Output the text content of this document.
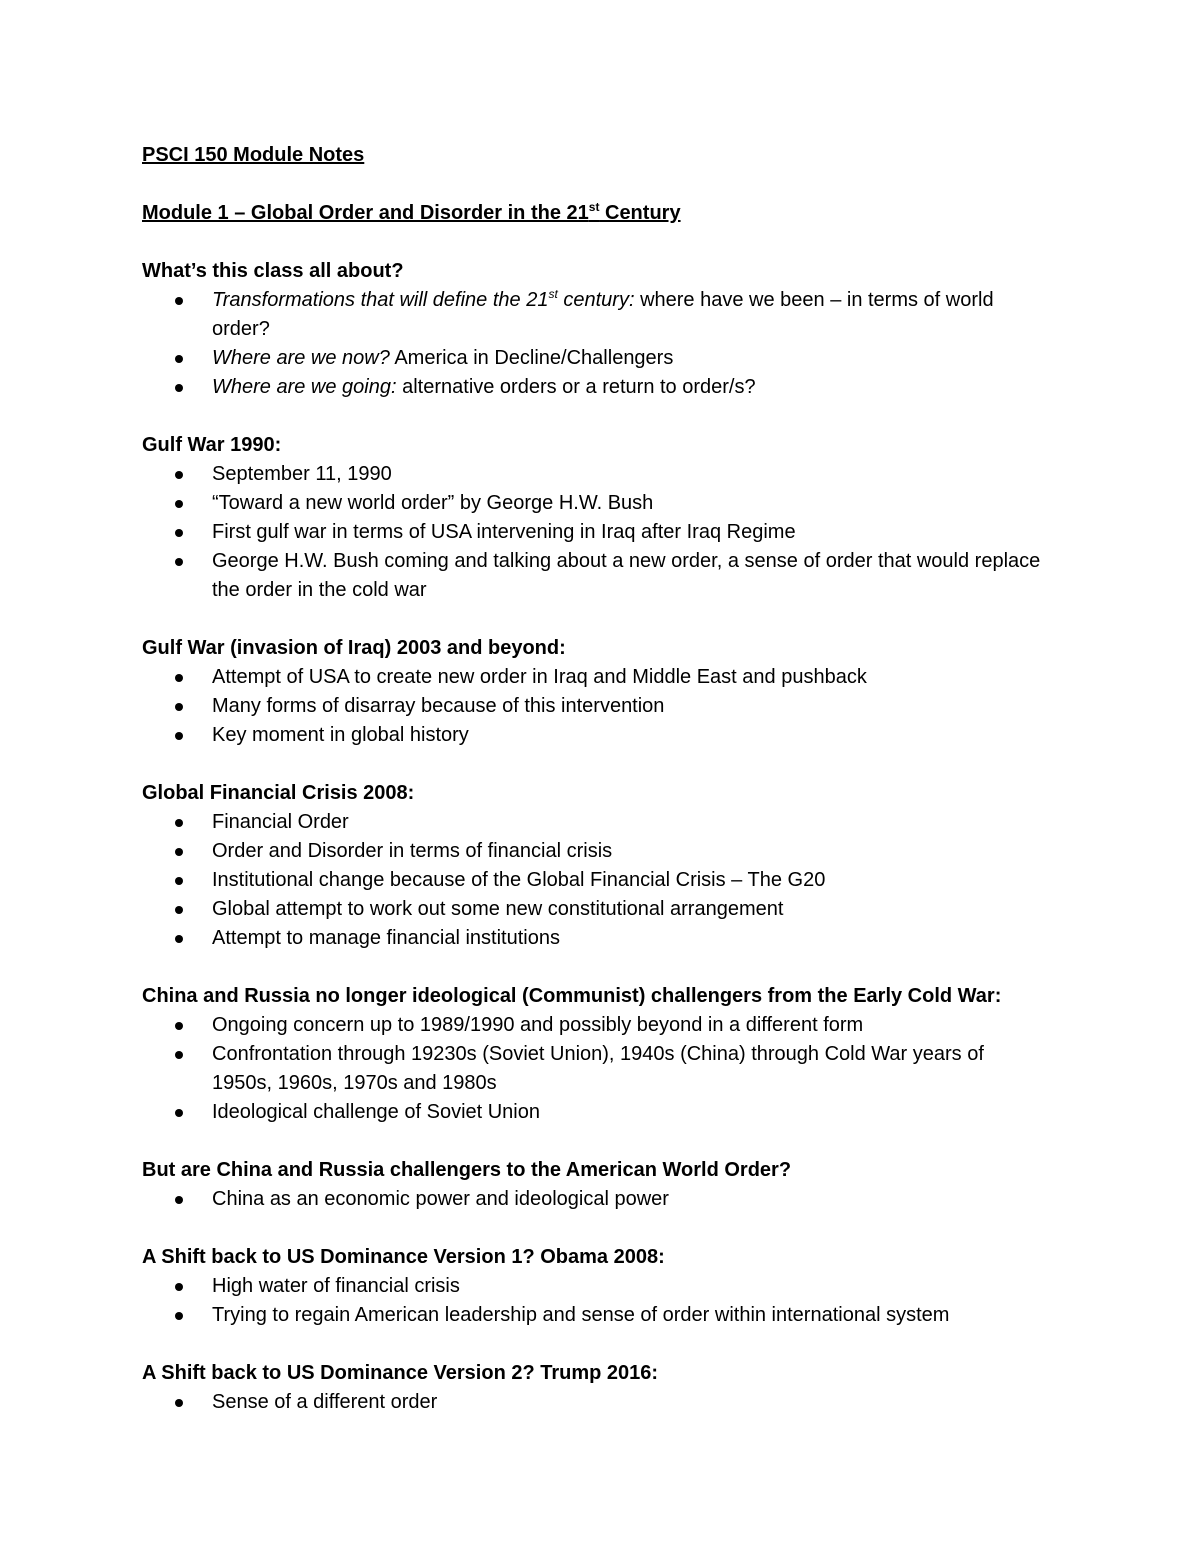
PSCI 150 Module Notes

Module 1 – Global Order and Disorder in the 21st Century

What’s this class all about?

Transformations that will define the 21st century: where have we been – in terms of world order?
Where are we now? America in Decline/Challengers
Where are we going: alternative orders or a return to order/s?

Gulf War 1990:

September 11, 1990
“Toward a new world order” by George H.W. Bush
First gulf war in terms of USA intervening in Iraq after Iraq Regime
George H.W. Bush coming and talking about a new order, a sense of order that would replace the order in the cold war

Gulf War (invasion of Iraq) 2003 and beyond:

Attempt of USA to create new order in Iraq and Middle East and pushback
Many forms of disarray because of this intervention
Key moment in global history

Global Financial Crisis 2008:

Financial Order
Order and Disorder in terms of financial crisis
Institutional change because of the Global Financial Crisis – The G20
Global attempt to work out some new constitutional arrangement
Attempt to manage financial institutions

China and Russia no longer ideological (Communist) challengers from the Early Cold War:

Ongoing concern up to 1989/1990 and possibly beyond in a different form
Confrontation through 19230s (Soviet Union), 1940s (China) through Cold War years of 1950s, 1960s, 1970s and 1980s
Ideological challenge of Soviet Union

But are China and Russia challengers to the American World Order?

China as an economic power and ideological power

A Shift back to US Dominance Version 1? Obama 2008:

High water of financial crisis
Trying to regain American leadership and sense of order within international system

A Shift back to US Dominance Version 2? Trump 2016:

Sense of a different order
